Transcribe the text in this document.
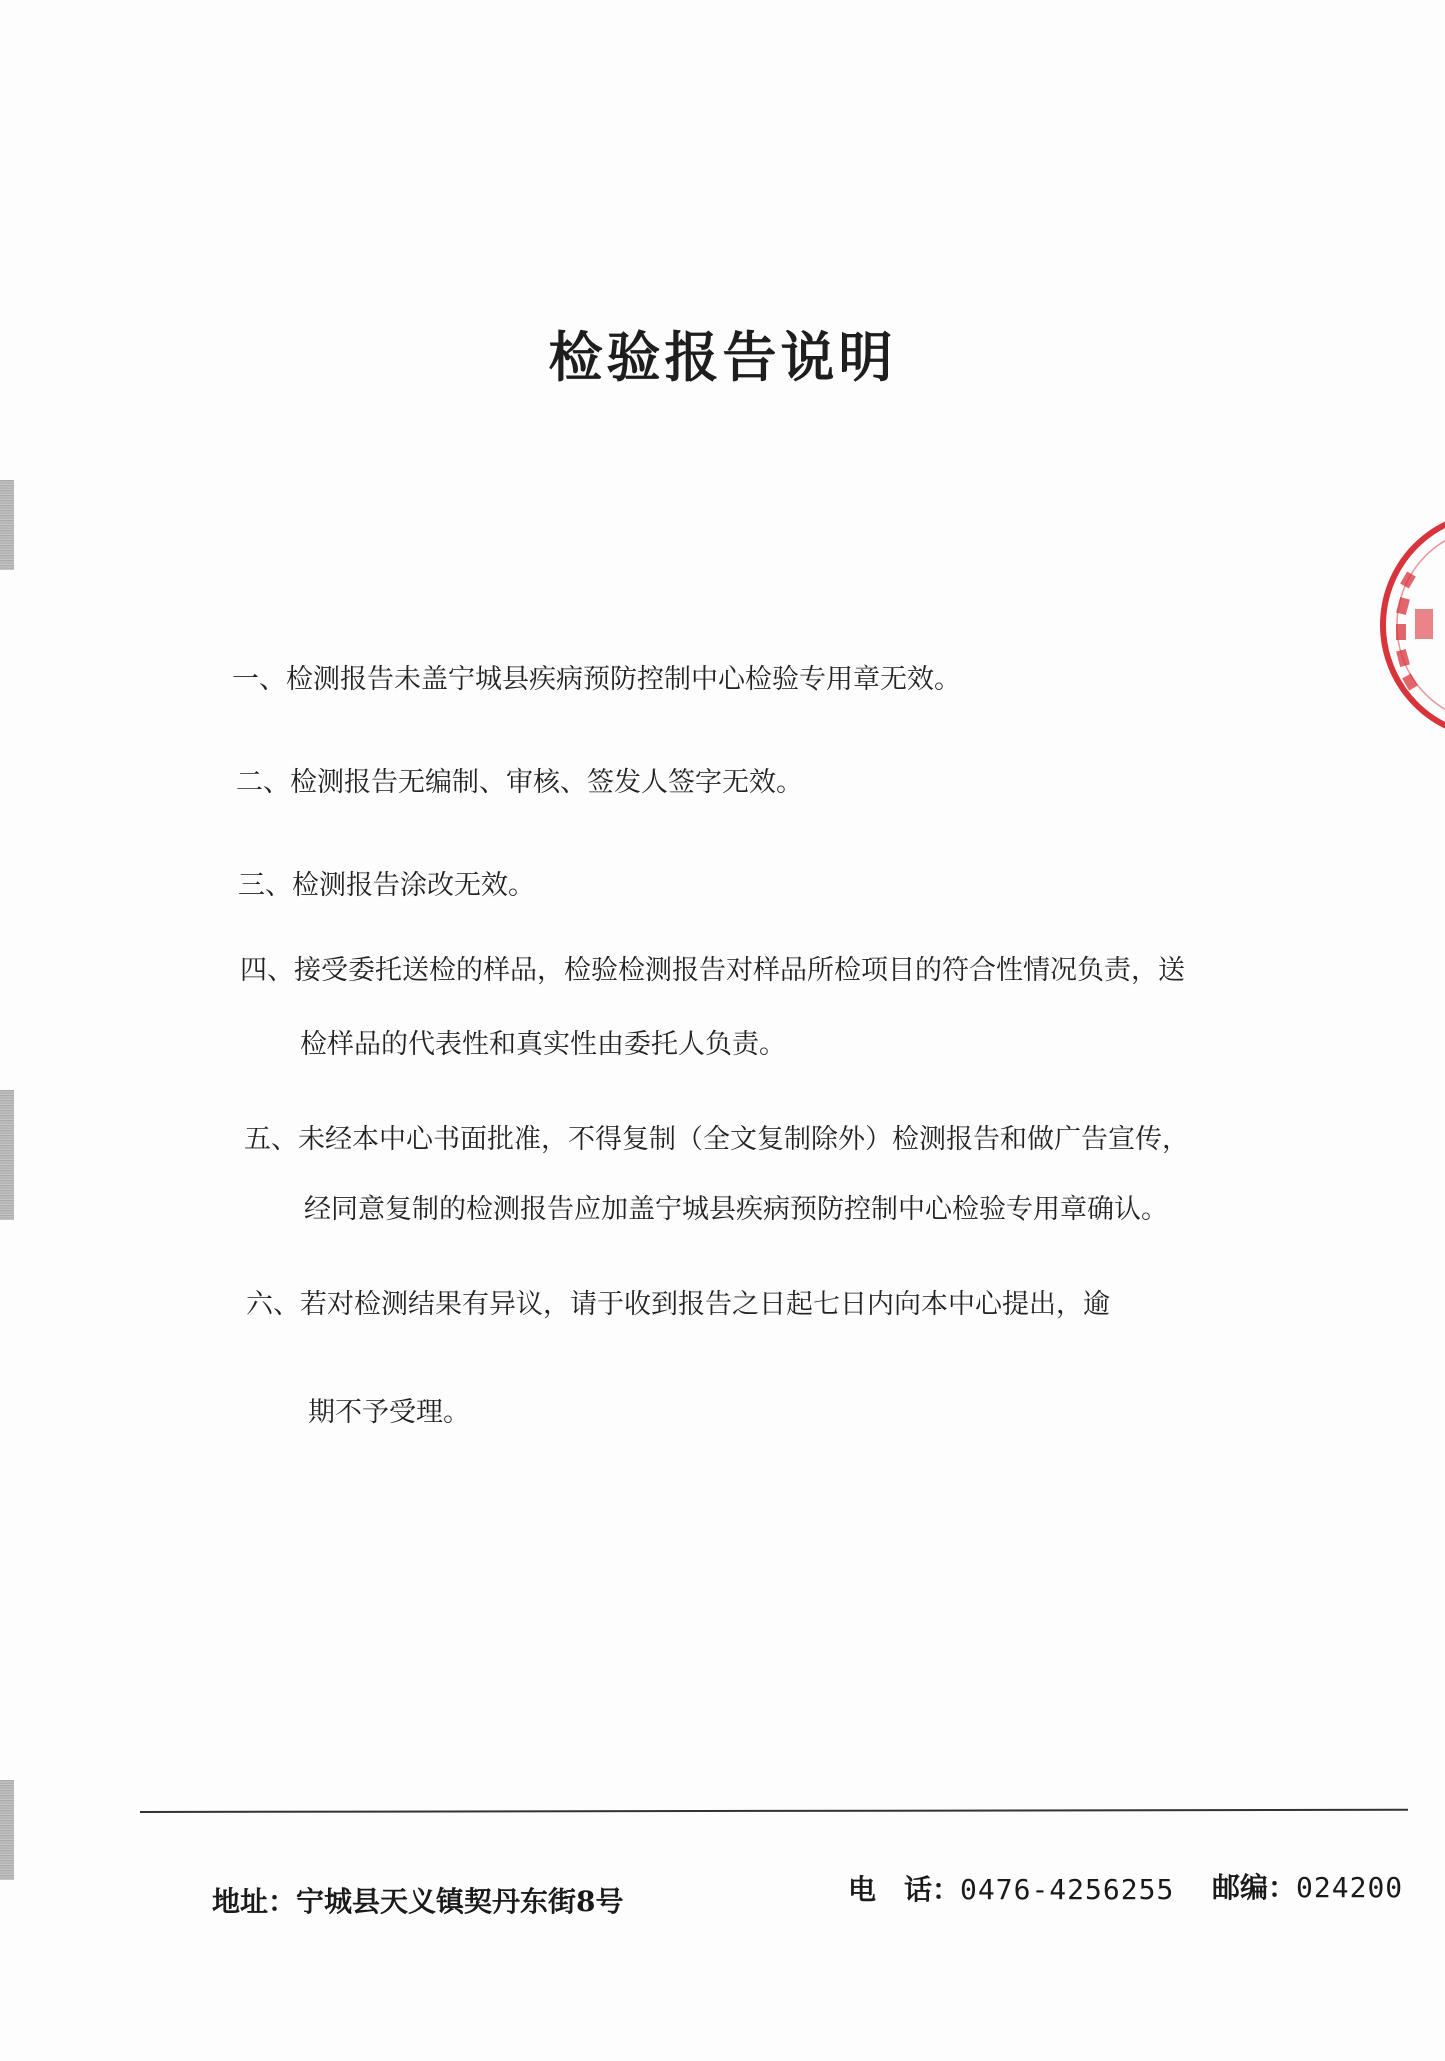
检验报告说明
一、检测报告未盖宁城县疾病预防控制中心检验专用章无效。
二、检测报告无编制、审核、签发人签字无效。
三、检测报告涂改无效。
四、接受委托送检的样品，检验检测报告对样品所检项目的符合性情况负责，送
检样品的代表性和真实性由委托人负责。
五、未经本中心书面批准，不得复制（全文复制除外）检测报告和做广告宣传，
经同意复制的检测报告应加盖宁城县疾病预防控制中心检验专用章确认。
六、若对检测结果有异议，请于收到报告之日起七日内向本中心提出，逾
期不予受理。
地址：宁城县天义镇契丹东街8号	电　话：0476-4256255 邮编：024200
